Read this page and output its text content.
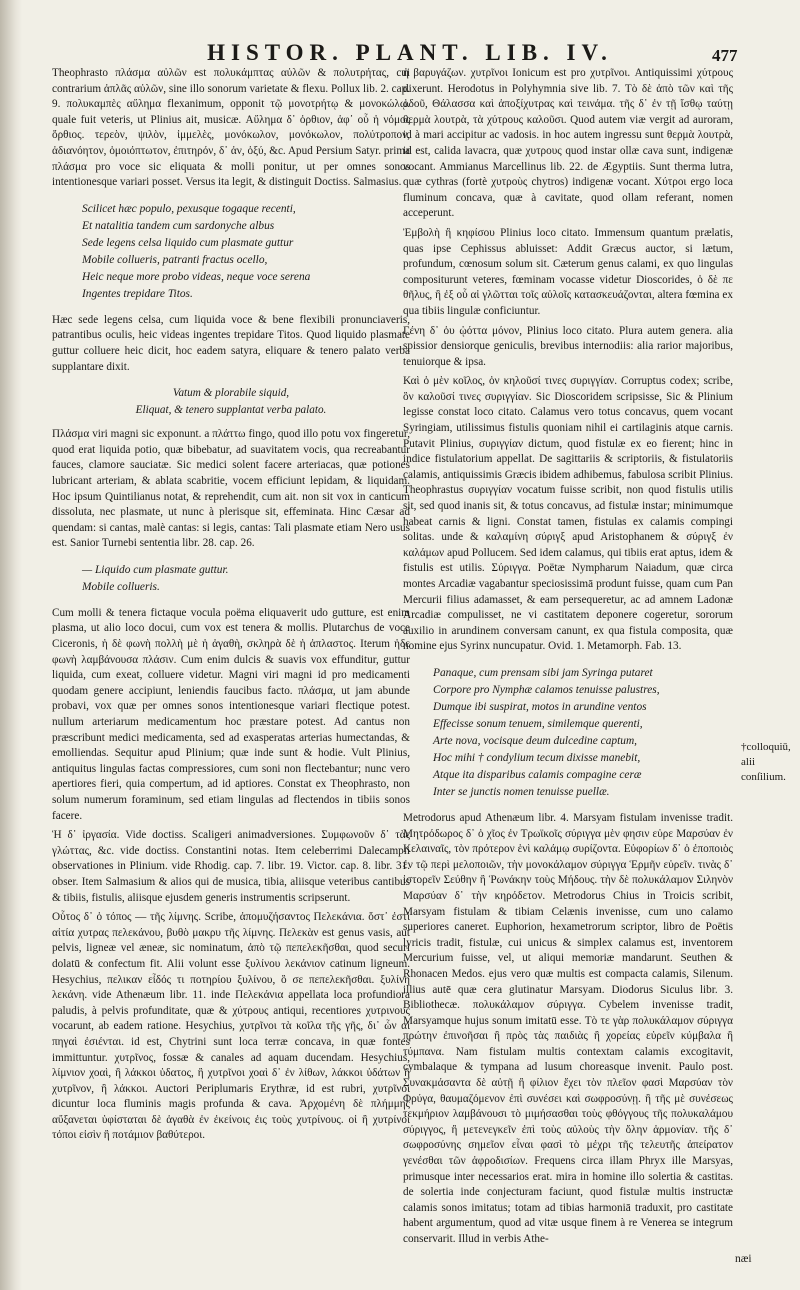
HISTOR. PLANT. LIB. IV.	477

Theophrasto πλάσμα αὐλῶν est πολυκάμπτας αὐλῶν & πολυτρήτας, cui contrarium ἀπλᾶς αὐλῶν, sine illo sonorum varietate & flexu. Pollux lib. 2. cap. 9. πολυκαμπὲς αὔλημα flexanimum, opponit τῷ μονοτρήτῳ & μονοκώλῳ. quale fuit veteris, ut Plinius ait, musicæ. Αὔλημα δ᾽ ὀρθιον, ἀφ᾽ οὗ ἡ νόμος ὄρθιος. τερεὸν, ψιλὸν, ἱμμελὲς, μονόκωλον, μονόκωλον, πολύτροπον, ἀδιανόητον, ὁμοιόπτωτον, ἐπιτηρόν, δ᾽ ἀν, ὀξύ, &c. Apud Persium Satyr. prima πλάσμα pro voce sic eliquata & molli ponitur, ut per omnes sonos intentionesque variari posset. Versus ita legit, & distinguit Doctiss. Salmasius.

Scilicet hæc populo, pexusque togaque recenti,
Et natalitia tandem cum sardonyche albus
Sede legens celsa liquido cum plasmate guttur
Mobile collueris, patranti fractus ocello,
Heic neque more probo videas, neque voce serena
Ingentes trepidare Titos.

Hæc sede legens celsa, cum liquida voce & bene flexibili pronunciaveris, patrantibus oculis, heic videas ingentes trepidare Titos. Quod liquido plasmate guttur colluere heic dicit, hoc eadem satyra, eliquare & tenero palato verba supplantare dixit.

Vatum & plorabile siquid,
Eliquat, & tenero supplantat verba palato.

Πλάσμα viri magni sic exponunt. a πλάττω fingo, quod illo potu vox fingeretur, quod erat liquida potio, quæ bibebatur, ad suavitatem vocis, qua recreabantur fauces, clamore sauciatæ. Sic medici solent facere arteriacas, quæ potiones lubricant arteriam, & ablata scabritie, vocem efficiunt lepidam, & liquidam. Hoc ipsum Quintilianus notat, & reprehendit, cum ait. non sit vox in canticum dissoluta, nec plasmate, ut nunc à plerisque sit, effeminata. Hinc Cæsar ad quendam: si cantas, malè cantas: si legis, cantas: Tali plasmate etiam Nero usus est. Sanior Turnebi sententia libr. 28. cap. 26.

— Liquido cum plasmate guttur.
Mobile collueris.

Cum molli & tenera fictaque vocula poëma eliquaverit udo gutture, est enim plasma, ut alio loco docui, cum vox est tenera & mollis. Plutarchus de voce Ciceronis, ἡ δὲ φωνὴ πολλὴ μὲ ἡ ἀγαθὴ, σκληρὰ δὲ ἡ ἀπλαστος. Iterum ἡδε φωνὴ λαμβάνουσα πλάσιν. Cum enim dulcis & suavis vox effunditur, guttur liquida, cum exeat, colluere videtur. Magni viri magni id pro medicamenti quodam genere accipiunt, leniendis faucibus facto. πλάσμα, ut jam abunde probavi, vox quæ per omnes sonos intentionesque variari flectique potest. nullum arteriarum medicamentum hoc præstare potest. Ad cantus non præscribunt medici medicamenta, sed ad exasperatas arterias humectandas, & emolliendas. Sequitur apud Plinium; quæ inde sunt & hodie. Vult Plinius, antiquitus lingulas factas compressiores, cum soni non flectebantur; nunc vero apertiores fieri, quia compertum, ad id aptiores. Constat ex Theophrasto, non solum numerum foraminum, sed etiam lingulas ad flectendos in tibiis sonos facere.

Ἡ δ᾽ ἰργασία. Vide doctiss. Scaligeri animadversiones. Συμφωνοῦν δ᾽ τὰς γλώττας, &c. vide doctiss. Constantini notas. Item celeberrimi Dalecampii observationes in Plinium. vide Rhodig. cap. 7. libr. 19. Victor. cap. 8. libr. 31. obser. Item Salmasium & alios qui de musica, tibia, aliisque veteribus cantibus & tibiis, fistulis, aliisque ejusdem generis instrumentis scripserunt.

Οὗτος δ᾽ ὁ τόπος — τῆς λίμνης. Scribe, ἀπομυζήσαντος Πελεκάνια. ὅστ᾽ ἐστὶ αἰτία χυτρας πελεκάνου, βυθὸ μακρυ τῆς λίμνης. Πελεκὰν est genus vasis, aut pelvis, ligneæ vel æneæ, sic nominatum, ἀπὸ τῷ πεπελεκῆσθαι, quod securi dolatū & confectum fit. Alii volunt esse ξυλίνου λεκάνιον catinum ligneum. Hesychius, πελικαν εἶδός τι ποτηρίου ξυλίνου, ὃ σε πεπελεκῆσθαι. ξυλίνη λεκάνη. vide Athenæum libr. 11. inde Πελεκάνια appellata loca profundiora paludis, à pelvis profunditate, quæ & χύτρους antiqui, recentiores χυτρινους vocarunt, ab eadem ratione. Hesychius, χυτρῖνοι τὰ κοῖλα τῆς γῆς, δι᾽ ὧν αἱ πηγαὶ ἐσιένται. id est, Chytrini sunt loca terræ concava, in quæ fontes immittuntur. χυτρῖνος, fossæ & canales ad aquam ducendam. Hesychius, λίμνιον χοαὶ, ἢ λάκκοι ὑδατος, ἢ χυτρῖνοι χοαὶ δ᾽ ἐν λίθων, λάκκοι ὑδάτων ἢ χυτρῖνον, ἢ λάκκοι. Auctori Periplumaris Erythræ, id est rubri, χυτρῖνοι dicuntur loca fluminis magis profunda & cava. Ἀρχομένη δὲ πλήμμης αὔξανεται ὑφίσταται δὲ ἀγαθὰ ἐν ἐκείνοις ἐις τοὺς χυτρίνους. οἱ ἢ χυτρίνοι τόποι εἰσὶν ἢ ποτάμιον βαθύτεροι.

ἡ βαρυγάζων. χυτρῖνοι Ionicum est pro χυτρῖνοι. Antiquissimi χύτρους dixerunt. Herodotus in Polyhymnia sive lib. 7. Τὸ δὲ ἀπὸ τῶν καὶ τῆς ὁδοῦ, Θάλασσα καὶ ἀποξίχυτρας καὶ τεινάμα. τῆς δ᾽ ἐν τῇ ἴσθῳ ταύτῃ θερμὰ λουτρὰ, τὰ χύτρους καλοῦσι. Quod autem viæ vergit ad auroram, id à mari accipitur ac vadosis. in hoc autem ingressu sunt θερμὰ λουτρὰ, id est, calida lavacra, quæ χυτρους quod instar ollæ cava sunt, indigenæ vocant. Ammianus Marcellinus lib. 22. de Ægyptiis. Sunt therma lutra, quæ cythras (fortè χυτροὺς chytros) indigenæ vocant. Χύτροι ergo loca fluminum concava, quæ à cavitate, quod ollam referant, nomen acceperunt.

Ἐμβολὴ ἢ κηφίσου Plinius loco citato. Immensum quantum prælatis, quas ipse Cephissus abluisset: Addit Græcus auctor, si lætum, profundum, cœnosum solum sit. Cæterum genus calami, ex quo lingulas compositurunt veteres, fœminam vocasse videtur Dioscorides, ὁ δὲ πε θῆλυς, ἣ ἐξ οὗ αἱ γλῶτται τοῖς αὐλοῖς κατασκευάζονται, altera fœmina ex qua tibiis lingulæ conficiuntur.

Γένη δ᾽ ὀυ ᾠόττα μόνον, Plinius loco citato. Plura autem genera. alia spissior densiorque geniculis, brevibus internodiis: alia rarior majoribus, tenuiorque & ipsa.

Καὶ ὁ μὲν κοῖλος, ὁν κηλοῦσί τινες συριγγίαν. Corruptus codex; scribe, ὃν καλοῦσί τινες συριγγίαν. Sic Dioscoridem scripsisse, Sic & Plinium legisse constat loco citato. Calamus vero totus concavus, quem vocant Syringiam, utilissimus fistulis quoniam nihil ei cartilaginis atque carnis. Putavit Plinius, συριγγίαν dictum, quod fistulæ ex eo fierent; hinc in indice fistulatorium appellat. De sagittariis & scriptoriis, & fistulatoriis calamis, antiquissimis Græcis ibidem adhibemus, fabulosa scribit Plinius. Theophrastus συριγγίαν vocatum fuisse scribit, non quod fistulis utilis sit, sed quod inanis sit, & totus concavus, ad fistulæ instar; minimumque habeat carnis & ligni. Constat tamen, fistulas ex calamis compingi solitas. unde & καλαμίνη σύριγξ apud Aristophanem & σύριγξ ἐν καλάμων apud Pollucem. Sed idem calamus, qui tibiis erat aptus, idem & fistulis est utilis. Σύριγγα. Poëtæ Nympharum Naiadum, quæ circa montes Arcadiæ vagabantur speciosissimā produnt fuisse, quam cum Pan Mercurii filius adamasset, & eam persequeretur, ac ad amnem Ladonæ Arcadiæ compulisset, ne vi castitatem deponere cogeretur, sororum auxilio in arundinem conversam canunt, ex qua fistula composita, quæ nomine ejus Syrinx nuncupatur. Ovid. 1. Metamorph. Fab. 13.

Panaque, cum prensam sibi jam Syringa putaret
Corpore pro Nymphæ calamos tenuisse palustres,
Dumque ibi suspirat, motos in arundine ventos
Effecisse sonum tenuem, similemque querenti,
Arte nova, vocisque deum dulcedine captum,
Hoc mihi † condylium tecum dixisse manebit,
Atque ita disparibus calamis compagine ceræ
Inter se junctis nomen tenuisse puellæ.

Metrodorus apud Athenæum libr. 4. Marsyam fistulam invenisse tradit. Μητρόδωρος δ᾽ ὁ χῖος ἐν Τρωϊκοῖς σύριγγα μὲν φησιν εὑρε Μαρσύαν ἐν Κελαιναῖς, τὸν πρότερον ἑνὶ καλάμῳ συρίζοντα. Εὐφορίων δ᾽ ὁ ἐποποιὸς ἐν τῷ περὶ μελοποιῶν, τὴν μονοκάλαμον σύριγγα Ἑρμῆν εὑρεῖν. τινὰς δ᾽ ἱστορεῖν Σεύθην ἢ Ῥωνάκην τοὺς Μήδους. τὴν δὲ πολυκάλαμον Σιληνὸν Μαρσύαν δ᾽ τὴν κηρόδετον. Metrodorus Chius in Troicis scribit, Marsyam fistulam & tibiam Celænis invenisse, cum uno calamo superiores caneret. Euphorion, hexametrorum scriptor, libro de Poëtis lyricis tradit, fistulæ, cui unicus & simplex calamus est, inventorem Mercurium fuisse, vel, ut aliqui memoriæ mandarunt. Seuthen & Rhonacen Medos. ejus vero quæ multis est compacta calamis, Silenum. illius autē quæ cera glutinatur Marsyam. Diodorus Siculus libr. 3. Bibliothecæ. πολυκάλαμον σύριγγα. Cybelem invenisse tradit, Marsyamque hujus sonum imitatū esse. Τὸ τε γὰρ πολυκάλαμον σύριγγα πρώτην ἐπινοῆσαι ἢ πρὸς τὰς παιδιὰς ἢ χορείας εὑρεῖν κύμβαλα ἢ τύμπανα. Nam fistulam multis contextam calamis excogitavit, cymbalaque & tympana ad lusum choreasque invenit. Paulo post. Συνακμάσαντα δὲ αὐτῇ ἢ φίλιον ἔχει τὸν πλεῖον φασὶ Μαρσύαν τὸν Φρύγα, θαυμαζόμενον ἐπὶ συνέσει καὶ σωφροσύνῃ. ἢ τῆς μὲ συνέσεως τεκμήριον λαμβάνουσι τὸ μιμήσασθαι τοὺς φθόγγους τῆς πολυκαλάμου σύριγγος, ἢ μετενεγκεῖν ἐπὶ τοὺς αὐλοὺς τὴν ὅλην ἁρμονίαν. τῆς δ᾽ σωφροσύνης σημεῖον εἶναι φασὶ τὸ μέχρι τῆς τελευτῆς ἀπείρατον γενέσθαι τῶν ἀφροδισίων. Frequens circa illam Phryx ille Marsyas, primusque inter necessarios erat. mira in homine illo solertia & castitas. de solertia inde conjecturam faciunt, quod fistulæ multis instructæ calamis sonos imitatus; totam ad tibias harmoniā traduxit, pro castitate habent argumentum, quod ad vitæ usque finem à re Venerea se integrum conservarit. Illud in verbis Athe-

†colloquiū, alii conſilium.
næi
